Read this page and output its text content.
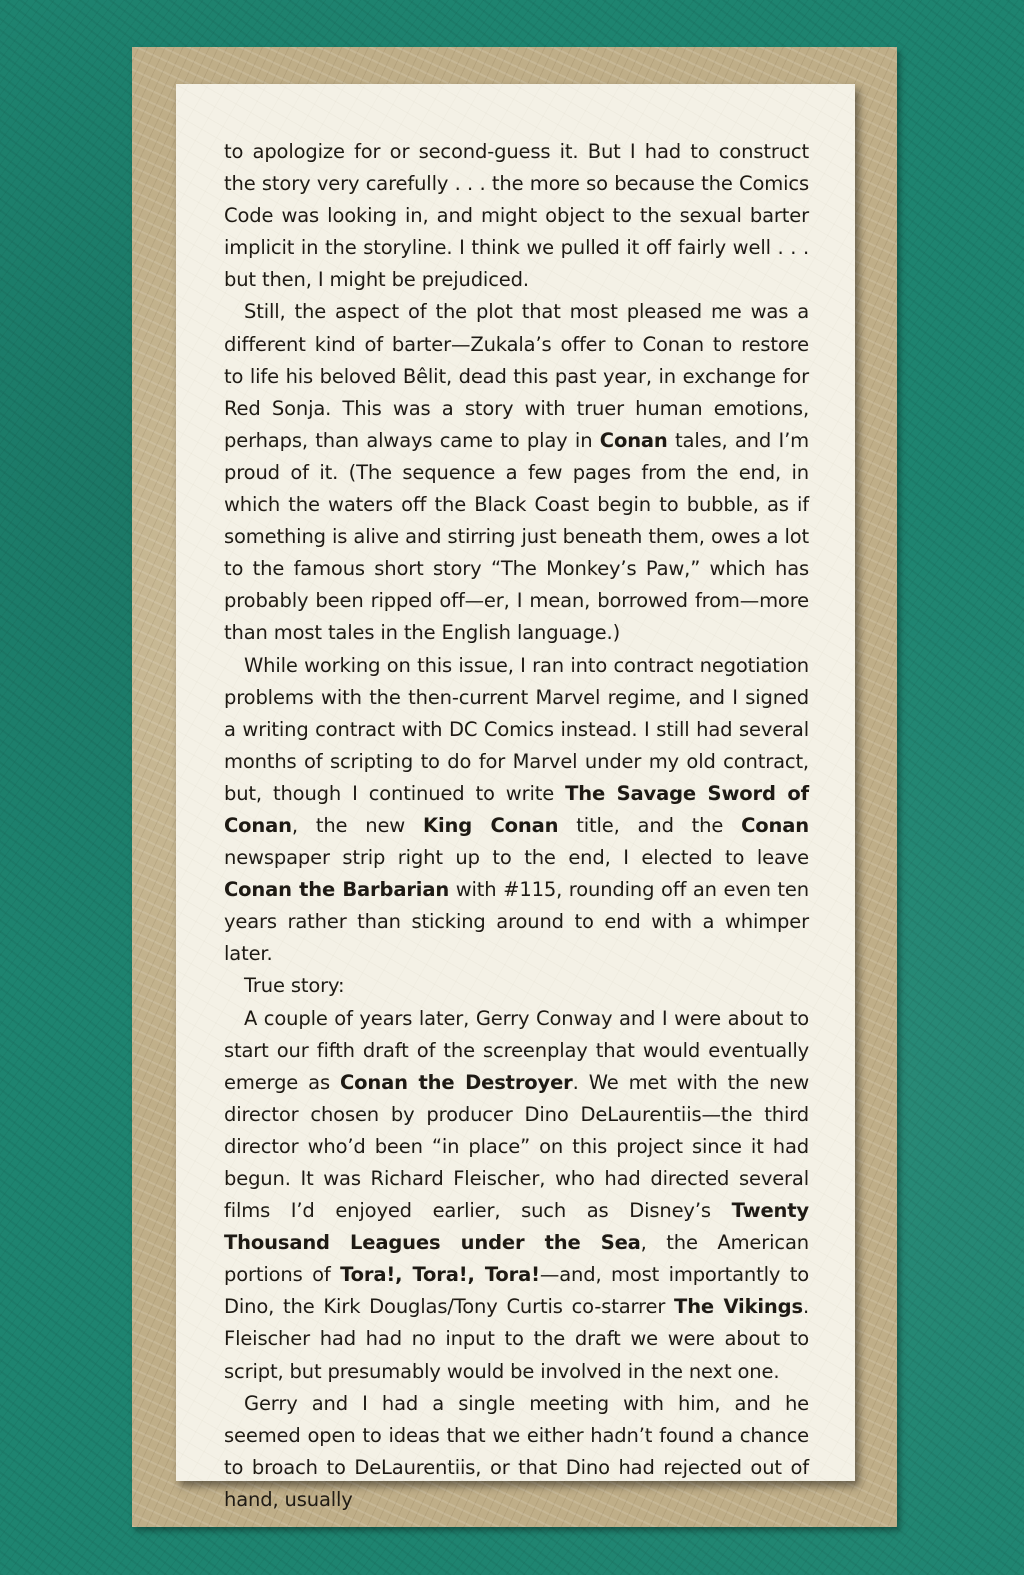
to apologize for or second-guess it. But I had to construct the story very carefully . . . the more so because the Comics Code was looking in, and might object to the sexual barter implicit in the storyline. I think we pulled it off fairly well . . . but then, I might be prejudiced.

Still, the aspect of the plot that most pleased me was a different kind of barter—Zukala’s offer to Conan to restore to life his beloved Bêlit, dead this past year, in exchange for Red Sonja. This was a story with truer human emotions, perhaps, than always came to play in Conan tales, and I’m proud of it. (The sequence a few pages from the end, in which the waters off the Black Coast begin to bubble, as if something is alive and stirring just beneath them, owes a lot to the famous short story “The Monkey’s Paw,” which has probably been ripped off—er, I mean, borrowed from—more than most tales in the English language.)

While working on this issue, I ran into contract negotiation problems with the then-current Marvel regime, and I signed a writing contract with DC Comics instead. I still had several months of scripting to do for Marvel under my old contract, but, though I continued to write The Savage Sword of Conan, the new King Conan title, and the Conan newspaper strip right up to the end, I elected to leave Conan the Barbarian with #115, rounding off an even ten years rather than sticking around to end with a whimper later.

True story:

A couple of years later, Gerry Conway and I were about to start our fifth draft of the screenplay that would eventually emerge as Conan the Destroyer. We met with the new director chosen by producer Dino DeLaurentiis—the third director who’d been “in place” on this project since it had begun. It was Richard Fleischer, who had directed several films I’d enjoyed earlier, such as Disney’s Twenty Thousand Leagues under the Sea, the American portions of Tora!, Tora!, Tora!—and, most importantly to Dino, the Kirk Douglas/Tony Curtis co-starrer The Vikings. Fleischer had had no input to the draft we were about to script, but presumably would be involved in the next one.

Gerry and I had a single meeting with him, and he seemed open to ideas that we either hadn’t found a chance to broach to DeLaurentiis, or that Dino had rejected out of hand, usually
